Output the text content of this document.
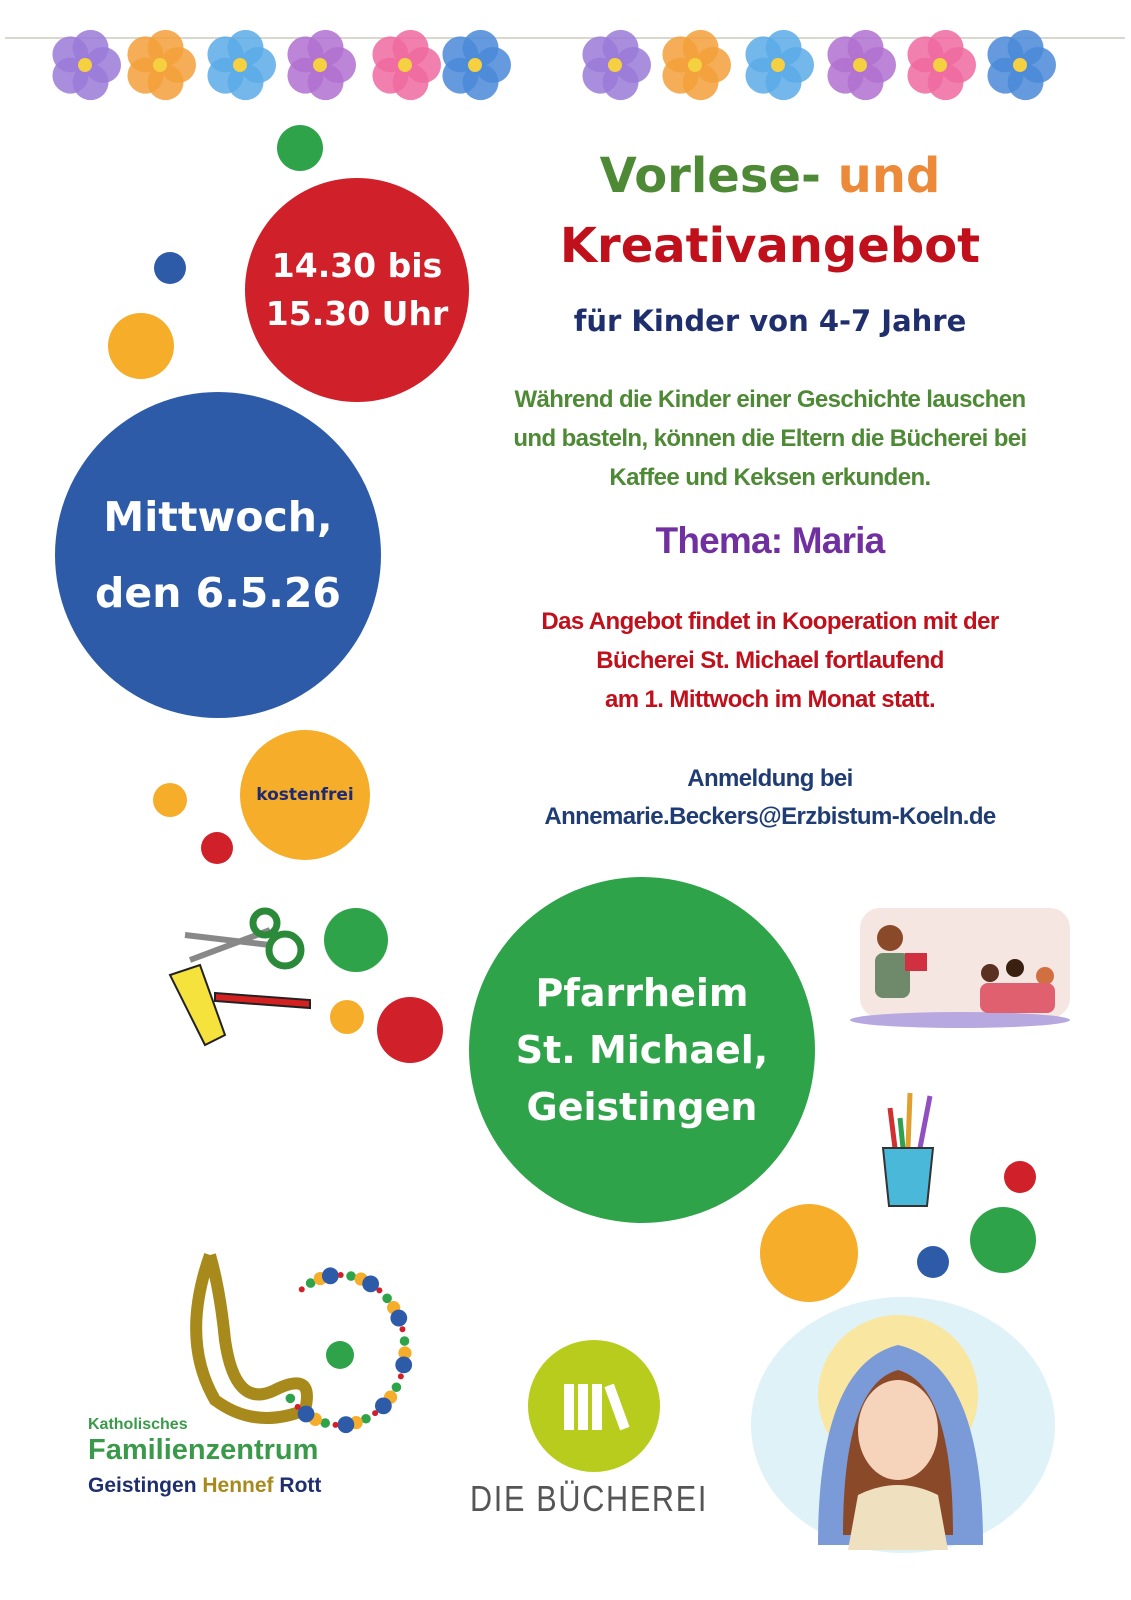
14.30 bis
15.30 Uhr
Mittwoch,
den 6.5.26
kostenfrei
Pfarrheim
St. Michael,
Geistingen
Vorlese- und
Kreativangebot
für Kinder von 4-7 Jahre
Während die Kinder einer Geschichte lauschen
und basteln, können die Eltern die Bücherei bei
Kaffee und Keksen erkunden.
Thema: Maria
Das Angebot findet in Kooperation mit der
Bücherei St. Michael fortlaufend
am 1. Mittwoch im Monat statt.
Anmeldung bei
Annemarie.Beckers@Erzbistum-Koeln.de
Katholisches
Familienzentrum
Geistingen Hennef Rott	DIE BÜCHEREI
